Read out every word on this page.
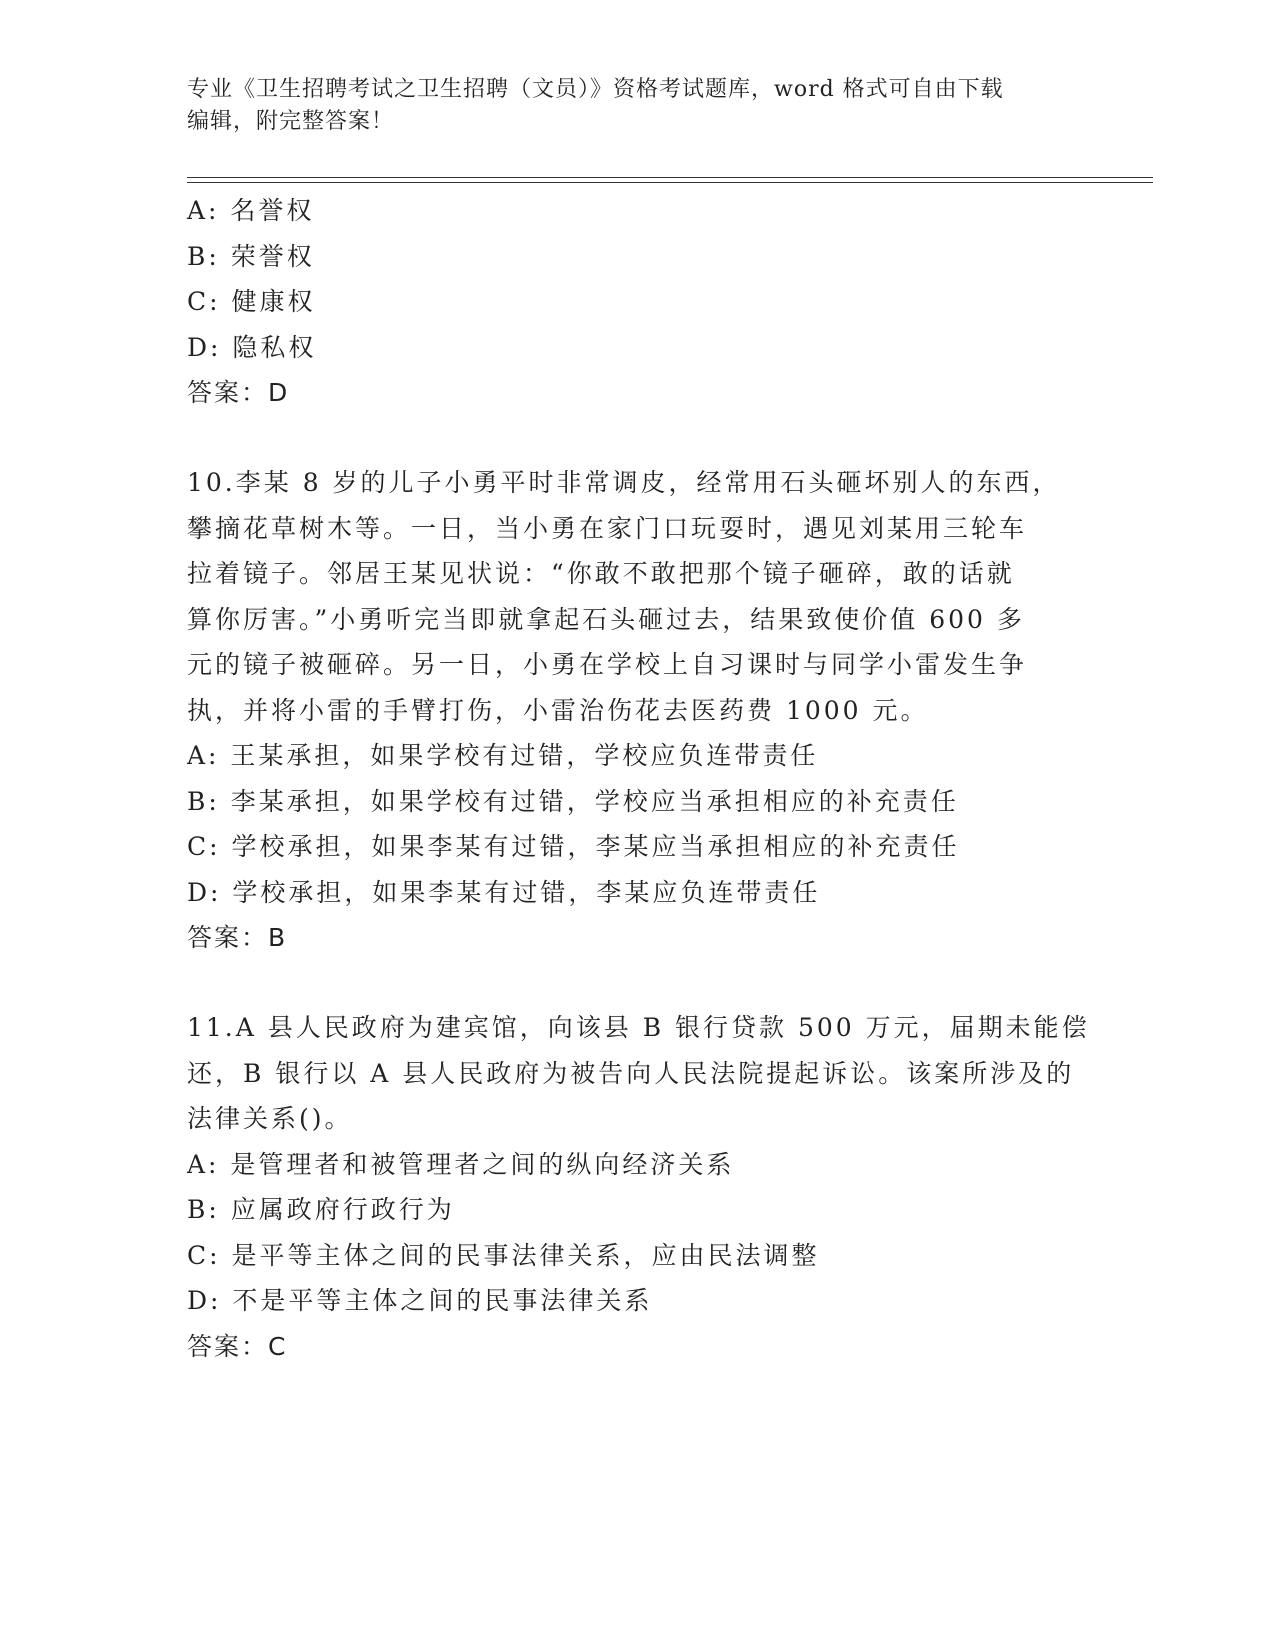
专业《卫生招聘考试之卫生招聘（文员）》资格考试题库，word 格式可自由下载
编辑，附完整答案！
A: 名誉权
B: 荣誉权
C: 健康权
D: 隐私权
答案：D
10.李某 8 岁的儿子小勇平时非常调皮，经常用石头砸坏别人的东西，
攀摘花草树木等。一日，当小勇在家门口玩耍时，遇见刘某用三轮车
拉着镜子。邻居王某见状说：“你敢不敢把那个镜子砸碎，敢的话就
算你厉害。”小勇听完当即就拿起石头砸过去，结果致使价值 600 多
元的镜子被砸碎。另一日，小勇在学校上自习课时与同学小雷发生争
执，并将小雷的手臂打伤，小雷治伤花去医药费 1000 元。
A: 王某承担，如果学校有过错，学校应负连带责任
B: 李某承担，如果学校有过错，学校应当承担相应的补充责任
C: 学校承担，如果李某有过错，李某应当承担相应的补充责任
D: 学校承担，如果李某有过错，李某应负连带责任
答案：B
11.A 县人民政府为建宾馆，向该县 B 银行贷款 500 万元，届期未能偿
还，B 银行以 A 县人民政府为被告向人民法院提起诉讼。该案所涉及的
法律关系()。
A: 是管理者和被管理者之间的纵向经济关系
B: 应属政府行政行为
C: 是平等主体之间的民事法律关系，应由民法调整
D: 不是平等主体之间的民事法律关系
答案：C
